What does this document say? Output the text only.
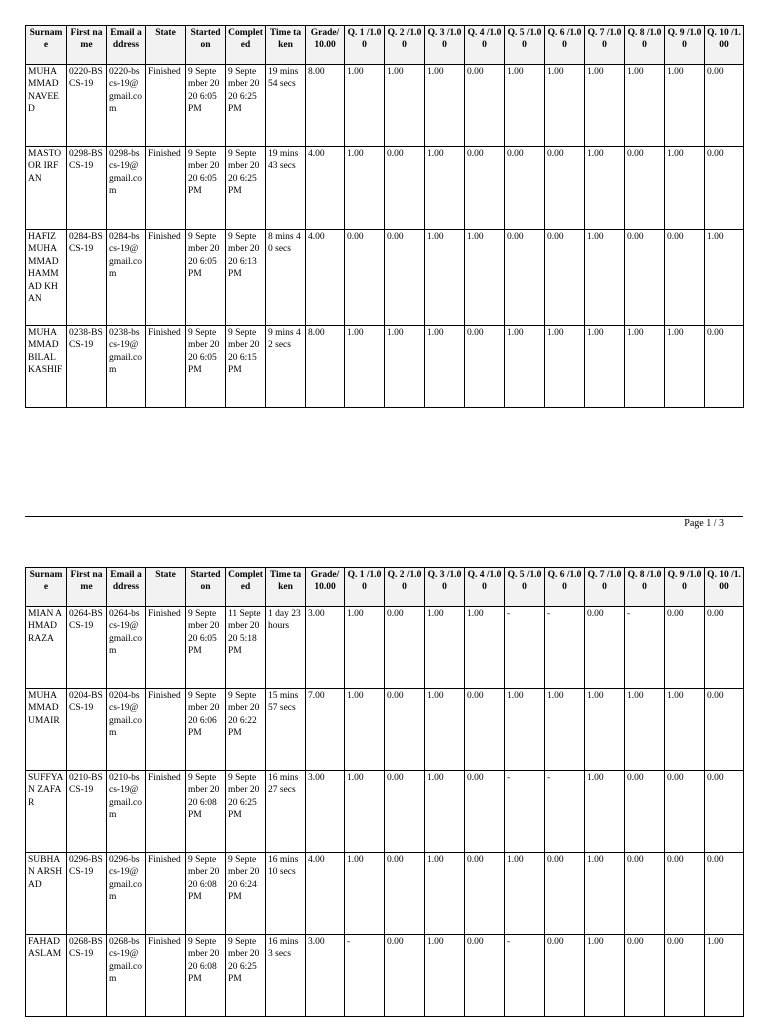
Surname	First name	Email address	State	Started on	Completed	Time taken	Grade/ 10.00	Q. 1 /1.00	Q. 2 /1.00	Q. 3 /1.00	Q. 4 /1.00	Q. 5 /1.00	Q. 6 /1.00	Q. 7 /1.00	Q. 8 /1.00	Q. 9 /1.00	Q. 10 /1.00
MUHAMMAD NAVEED	0220-BSCS-19	0220-bscs-19@gmail.com	Finished	9 September 2020 6:05 PM	9 September 2020 6:25 PM	19 mins 54 secs	8.00	1.00	1.00	1.00	0.00	1.00	1.00	1.00	1.00	1.00	0.00
MASTOOR IRFAN	0298-BSCS-19	0298-bscs-19@gmail.com	Finished	9 September 2020 6:05 PM	9 September 2020 6:25 PM	19 mins 43 secs	4.00	1.00	0.00	1.00	0.00	0.00	0.00	1.00	0.00	1.00	0.00
HAFIZ MUHAMMAD HAMMAD KHAN	0284-BSCS-19	0284-bscs-19@gmail.com	Finished	9 September 2020 6:05 PM	9 September 2020 6:13 PM	8 mins 40 secs	4.00	0.00	0.00	1.00	1.00	0.00	0.00	1.00	0.00	0.00	1.00
MUHAMMAD BILAL KASHIF	0238-BSCS-19	0238-bscs-19@gmail.com	Finished	9 September 2020 6:05 PM	9 September 2020 6:15 PM	9 mins 42 secs	8.00	1.00	1.00	1.00	0.00	1.00	1.00	1.00	1.00	1.00	0.00
Page 1 / 3
Surname	First name	Email address	State	Started on	Completed	Time taken	Grade/ 10.00	Q. 1 /1.00	Q. 2 /1.00	Q. 3 /1.00	Q. 4 /1.00	Q. 5 /1.00	Q. 6 /1.00	Q. 7 /1.00	Q. 8 /1.00	Q. 9 /1.00	Q. 10 /1.00
MIAN AHMAD RAZA	0264-BSCS-19	0264-bscs-19@gmail.com	Finished	9 September 2020 6:05 PM	11 September 2020 5:18 PM	1 day 23 hours	3.00	1.00	0.00	1.00	1.00	-	-	0.00	-	0.00	0.00
MUHAMMAD UMAIR	0204-BSCS-19	0204-bscs-19@gmail.com	Finished	9 September 2020 6:06 PM	9 September 2020 6:22 PM	15 mins 57 secs	7.00	1.00	0.00	1.00	0.00	1.00	1.00	1.00	1.00	1.00	0.00
SUFFYAN ZAFAR	0210-BSCS-19	0210-bscs-19@gmail.com	Finished	9 September 2020 6:08 PM	9 September 2020 6:25 PM	16 mins 27 secs	3.00	1.00	0.00	1.00	0.00	-	-	1.00	0.00	0.00	0.00
SUBHAN ARSHAD	0296-BSCS-19	0296-bscs-19@gmail.com	Finished	9 September 2020 6:08 PM	9 September 2020 6:24 PM	16 mins 10 secs	4.00	1.00	0.00	1.00	0.00	1.00	0.00	1.00	0.00	0.00	0.00
FAHAD ASLAM	0268-BSCS-19	0268-bscs-19@gmail.com	Finished	9 September 2020 6:08 PM	9 September 2020 6:25 PM	16 mins 3 secs	3.00	-	0.00	1.00	0.00	-	0.00	1.00	0.00	0.00	1.00
